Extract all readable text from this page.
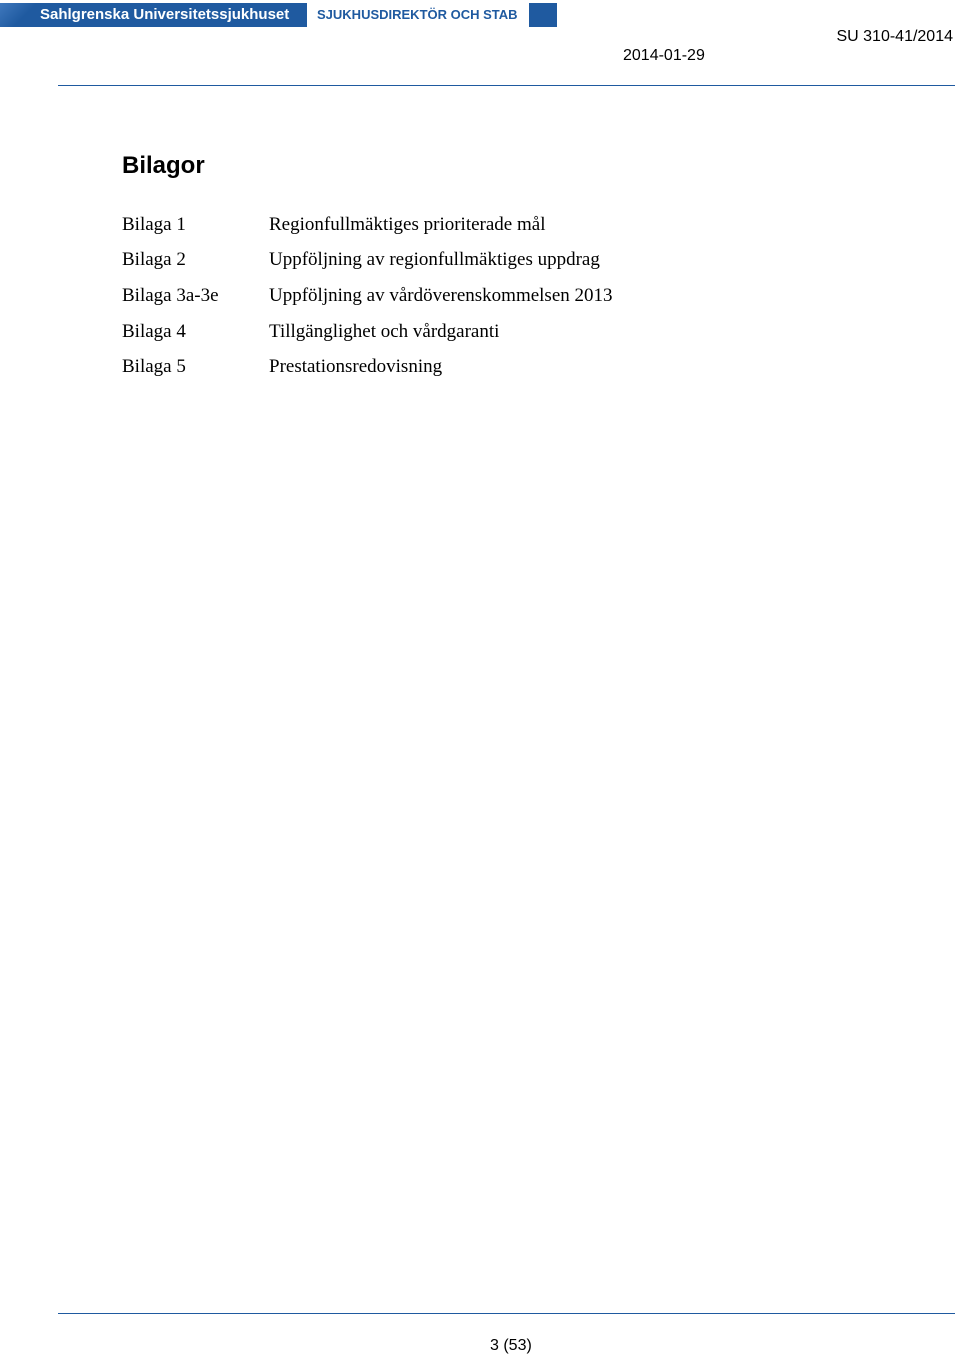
Sahlgrenska Universitetssjukhuset	SJUKHUSDIREKTÖR OCH STAB
SU 310-41/2014
2014-01-29
Bilagor
Bilaga 1	Regionfullmäktiges prioriterade mål
Bilaga 2	Uppföljning av regionfullmäktiges uppdrag
Bilaga 3a-3e	Uppföljning av vårdöverenskommelsen 2013
Bilaga 4	Tillgänglighet och vårdgaranti
Bilaga 5	Prestationsredovisning
3 (53)
